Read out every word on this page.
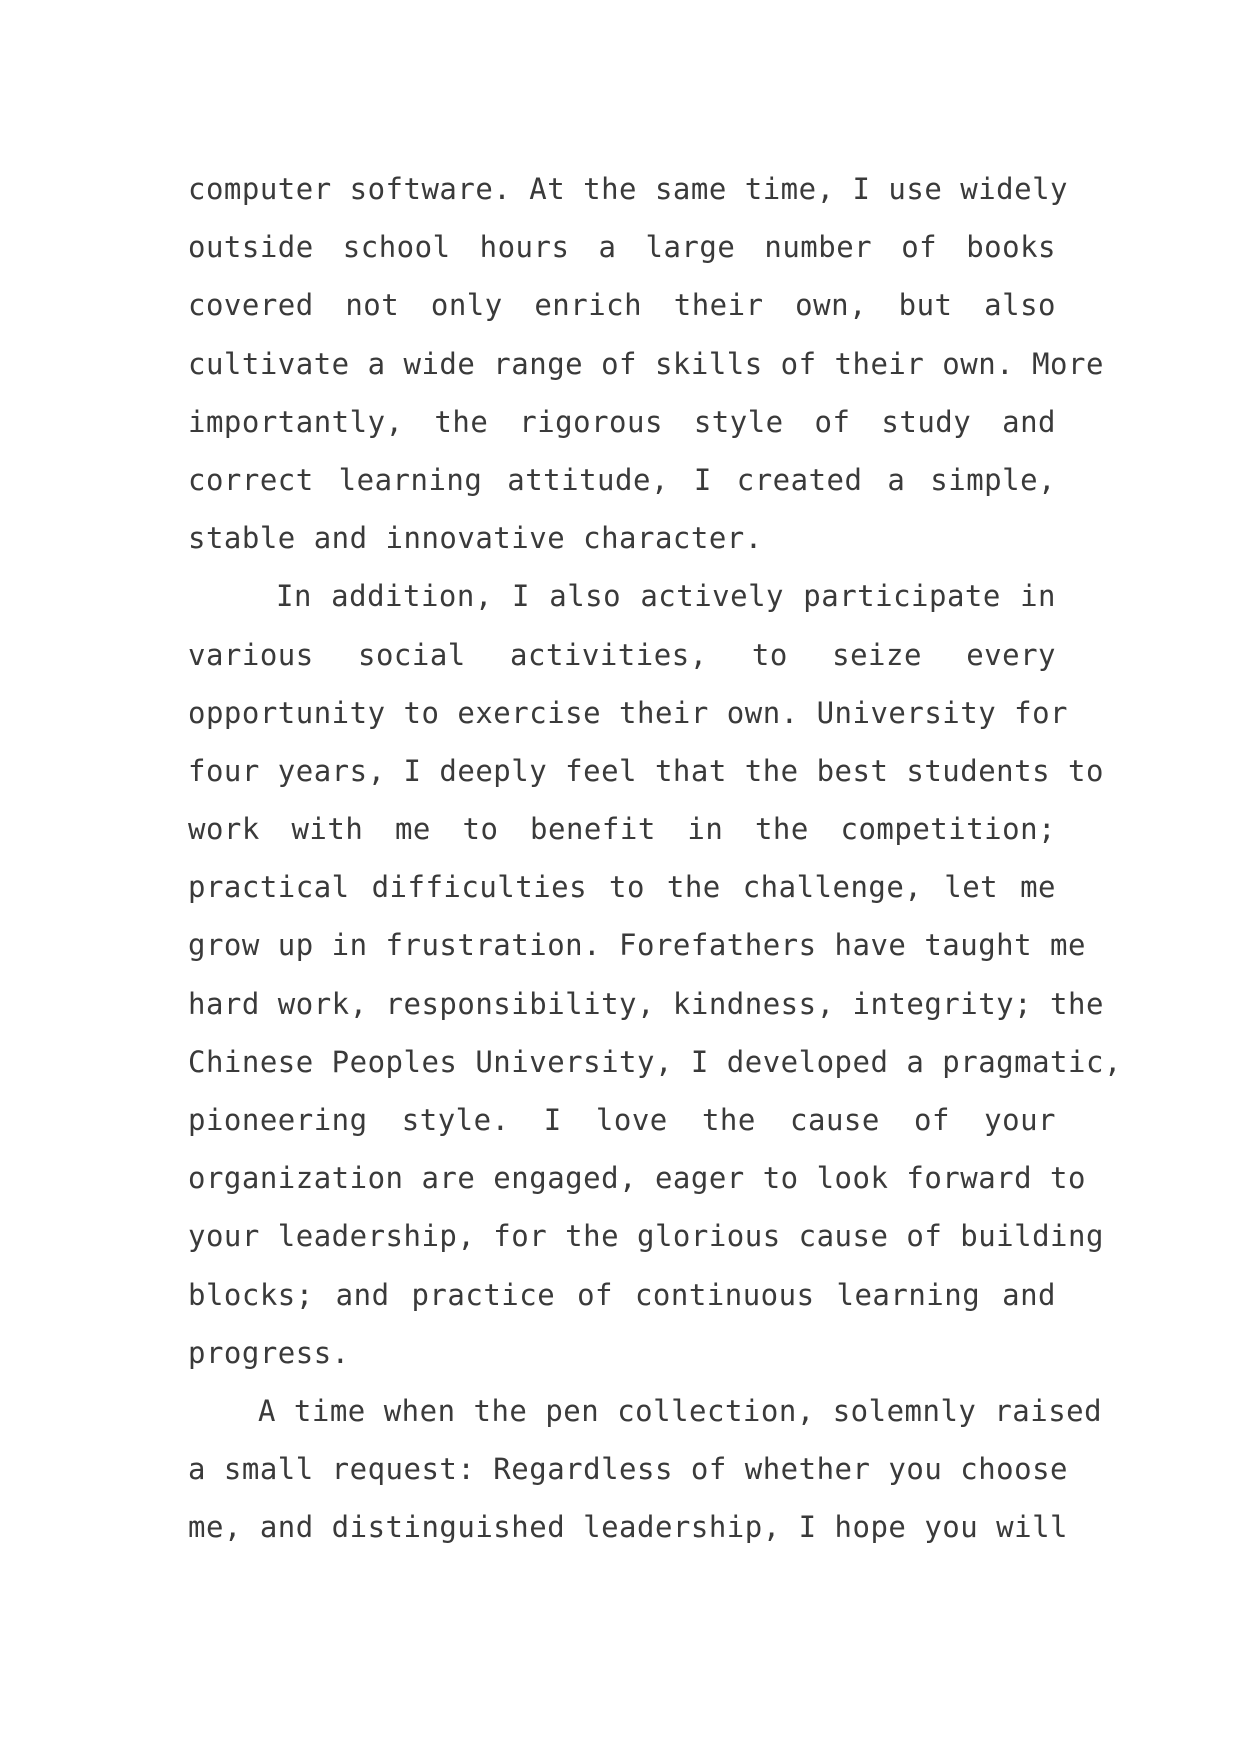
computer software. At the same time, I use widely
outside school hours a large number of books
covered not only enrich their own, but also
cultivate a wide range of skills of their own. More
importantly, the rigorous style of study and
correct learning attitude, I created a simple,
stable and innovative character.
In addition, I also actively participate in
various social activities, to seize every
opportunity to exercise their own. University for
four years, I deeply feel that the best students to
work with me to benefit in the competition;
practical difficulties to the challenge, let me
grow up in frustration. Forefathers have taught me
hard work, responsibility, kindness, integrity; the
Chinese Peoples University, I developed a pragmatic,
pioneering style. I love the cause of your
organization are engaged, eager to look forward to
your leadership, for the glorious cause of building
blocks; and practice of continuous learning and
progress.
A time when the pen collection, solemnly raised
a small request: Regardless of whether you choose
me, and distinguished leadership, I hope you will
